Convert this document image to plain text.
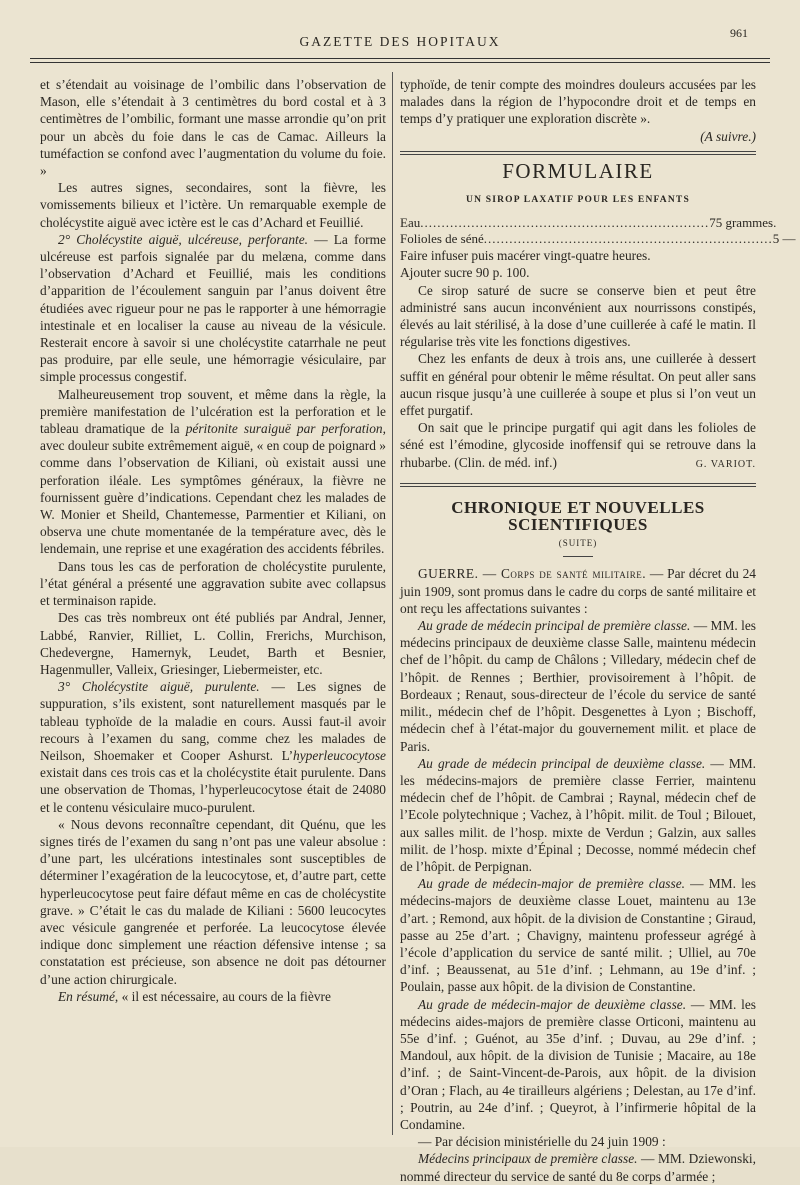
GAZETTE DES HOPITAUX
961

et s’étendait au voisinage de l’ombilic dans l’observation de Mason, elle s’étendait à 3 centimètres du bord costal et à 3 centimètres de l’ombilic, formant une masse arrondie qu’on prit pour un abcès du foie dans le cas de Camac. Ailleurs la tuméfaction se confond avec l’augmentation du volume du foie. »

Les autres signes, secondaires, sont la fièvre, les vomissements bilieux et l’ictère. Un remarquable exemple de cholécystite aiguë avec ictère est le cas d’Achard et Feuillié.

2° Cholécystite aiguë, ulcéreuse, perforante. — La forme ulcéreuse est parfois signalée par du melæna, comme dans l’observation d’Achard et Feuillié, mais les conditions d’apparition de l’écoulement sanguin par l’anus doivent être étudiées avec rigueur pour ne pas le rapporter à une hémorragie intestinale et en localiser la cause au niveau de la vésicule. Resterait encore à savoir si une cholécystite catarrhale ne peut pas produire, par elle seule, une hémorragie vésiculaire, par simple processus congestif.

Malheureusement trop souvent, et même dans la règle, la première manifestation de l’ulcération est la perforation et le tableau dramatique de la péritonite suraiguë par perforation, avec douleur subite extrêmement aiguë, « en coup de poignard » comme dans l’observation de Kiliani, où existait aussi une perforation iléale. Les symptômes généraux, la fièvre ne fournissent guère d’indications. Cependant chez les malades de W. Monier et Sheild, Chantemesse, Parmentier et Kiliani, on observa une chute momentanée de la température avec, dès le lendemain, une reprise et une exagération des accidents fébriles.

Dans tous les cas de perforation de cholécystite purulente, l’état général a présenté une aggravation subite avec collapsus et terminaison rapide.

Des cas très nombreux ont été publiés par Andral, Jenner, Labbé, Ranvier, Rilliet, L. Collin, Frerichs, Murchison, Chedevergne, Hamernyk, Leudet, Barth et Besnier, Hagenmuller, Valleix, Griesinger, Liebermeister, etc.

3° Cholécystite aiguë, purulente. — Les signes de suppuration, s’ils existent, sont naturellement masqués par le tableau typhoïde de la maladie en cours. Aussi faut-il avoir recours à l’examen du sang, comme chez les malades de Neilson, Shoemaker et Cooper Ashurst. L’hyperleucocytose existait dans ces trois cas et la cholécystite était purulente. Dans une observation de Thomas, l’hyperleucocytose était de 24080 et le contenu vésiculaire muco-purulent.

« Nous devons reconnaître cependant, dit Quénu, que les signes tirés de l’examen du sang n’ont pas une valeur absolue : d’une part, les ulcérations intestinales sont susceptibles de déterminer l’exagération de la leucocytose, et, d’autre part, cette hyperleucocytose peut faire défaut même en cas de cholécystite grave. » C’était le cas du malade de Kiliani : 5600 leucocytes avec vésicule gangrenée et perforée. La leucocytose élevée indique donc simplement une réaction défensive intense ; sa constatation est précieuse, son absence ne doit pas détourner d’une action chirurgicale.

En résumé, « il est nécessaire, au cours de la fièvre

typhoïde, de tenir compte des moindres douleurs accusées par les malades dans la région de l’hypocondre droit et de temps en temps d’y pratiquer une exploration discrète ».

(A suivre.)
FORMULAIRE
UN SIROP LAXATIF POUR LES ENFANTS
Eau .....	75 grammes.
Folioles de séné .....	5 —

Faire infuser puis macérer vingt-quatre heures.

Ajouter sucre 90 p. 100.

Ce sirop saturé de sucre se conserve bien et peut être administré sans aucun inconvénient aux nourrissons constipés, élevés au lait stérilisé, à la dose d’une cuillerée à café le matin. Il régularise très vite les fonctions digestives.

Chez les enfants de deux à trois ans, une cuillerée à dessert suffit en général pour obtenir le même résultat. On peut aller sans aucun risque jusqu’à une cuillerée à soupe et plus si l’on veut un effet purgatif.

On sait que le principe purgatif qui agit dans les folioles de séné est l’émodine, glycoside inoffensif qui se retrouve dans la rhubarbe. (Clin. de méd. inf.)	G. VARIOT.

CHRONIQUE ET NOUVELLES SCIENTIFIQUES
(SUITE)

GUERRE. — Corps de santé militaire. — Par décret du 24 juin 1909, sont promus dans le cadre du corps de santé militaire et ont reçu les affectations suivantes :

Au grade de médecin principal de première classe. — MM. les médecins principaux de deuxième classe Salle, maintenu médecin chef de l’hôpit. du camp de Châlons ; Villedary, médecin chef de l’hôpit. de Rennes ; Berthier, provisoirement à l’hôpit. de Bordeaux ; Renaut, sous-directeur de l’école du service de santé milit., médecin chef de l’hôpit. Desgenettes à Lyon ; Bischoff, médecin chef à l’état-major du gouvernement milit. et place de Paris.

Au grade de médecin principal de deuxième classe. — MM. les médecins-majors de première classe Ferrier, maintenu médecin chef de l’hôpit. de Cambrai ; Raynal, médecin chef de l’Ecole polytechnique ; Vachez, à l’hôpit. milit. de Toul ; Bilouet, aux salles milit. de l’hosp. mixte de Verdun ; Galzin, aux salles milit. de l’hosp. mixte d’Épinal ; Decosse, nommé médecin chef de l’hôpit. de Perpignan.

Au grade de médecin-major de première classe. — MM. les médecins-majors de deuxième classe Louet, maintenu au 13e d’art. ; Remond, aux hôpit. de la division de Constantine ; Giraud, passe au 25e d’art. ; Chavigny, maintenu professeur agrégé à l’école d’application du service de santé milit. ; Ulliel, au 70e d’inf. ; Beaussenat, au 51e d’inf. ; Lehmann, au 19e d’inf. ; Poulain, passe aux hôpit. de la division de Constantine.

Au grade de médecin-major de deuxième classe. — MM. les médecins aides-majors de première classe Orticoni, maintenu au 55e d’inf. ; Guénot, au 35e d’inf. ; Duvau, au 29e d’inf. ; Mandoul, aux hôpit. de la division de Tunisie ; Macaire, au 18e d’inf. ; de Saint-Vincent-de-Parois, aux hôpit. de la division d’Oran ; Flach, au 4e tirailleurs algériens ; Delestan, au 17e d’inf. ; Poutrin, au 24e d’inf. ; Queyrot, à l’infirmerie hôpital de la Condamine.

— Par décision ministérielle du 24 juin 1909 :

Médecins principaux de première classe. — MM. Dziewonski, nommé directeur du service de santé du 8e corps d’armée ;
